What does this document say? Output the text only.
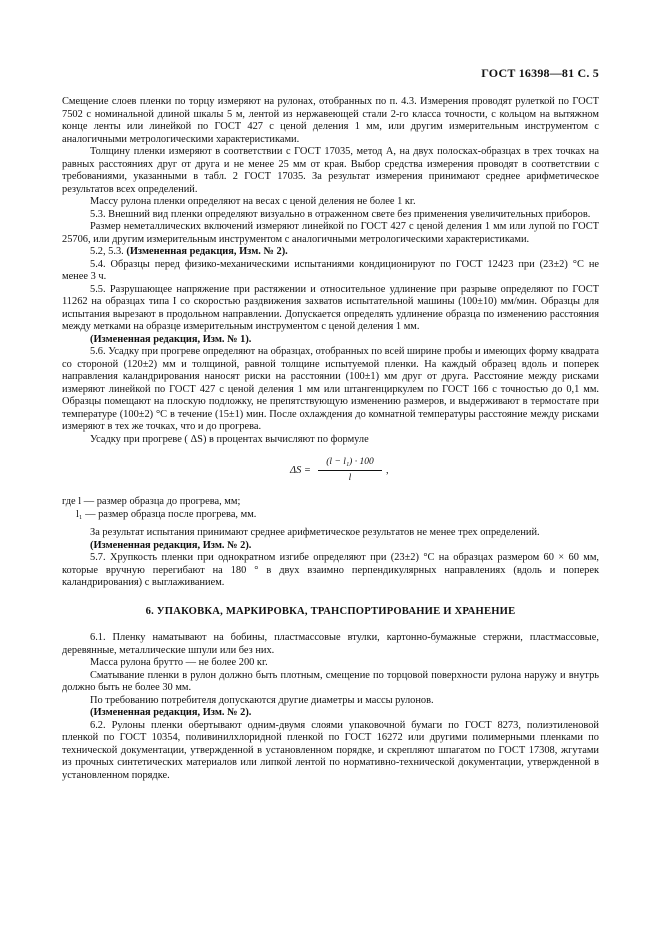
ГОСТ 16398—81 С. 5

Смещение слоев пленки по торцу измеряют на рулонах, отобранных по п. 4.3. Измерения проводят рулеткой по ГОСТ 7502 с номинальной длиной шкалы 5 м, лентой из нержавеющей стали 2-го класса точности, с кольцом на вытяжном конце ленты или линейкой по ГОСТ 427 с ценой деления 1 мм, или другим измерительным инструментом с аналогичными метрологическими характеристиками.

Толщину пленки измеряют в соответствии с ГОСТ 17035, метод А, на двух полосках-образцах в трех точках на равных расстояниях друг от друга и не менее 25 мм от края. Выбор средства измерения проводят в соответствии с требованиями, указанными в табл. 2 ГОСТ 17035. За результат измерения принимают среднее арифметическое результатов всех определений.

Массу рулона пленки определяют на весах с ценой деления не более 1 кг.

5.3. Внешний вид пленки определяют визуально в отраженном свете без применения увеличительных приборов.

Размер неметаллических включений измеряют линейкой по ГОСТ 427 с ценой деления 1 мм или лупой по ГОСТ 25706, или другим измерительным инструментом с аналогичными метрологическими характеристиками.

5.2, 5.3. (Измененная редакция, Изм. № 2).

5.4. Образцы перед физико-механическими испытаниями кондиционируют по ГОСТ 12423 при (23±2) °С не менее 3 ч.

5.5. Разрушающее напряжение при растяжении и относительное удлинение при разрыве определяют по ГОСТ 11262 на образцах типа I со скоростью раздвижения захватов испытательной машины (100±10) мм/мин. Образцы для испытания вырезают в продольном направлении. Допускается определять удлинение образца по изменению расстояния между метками на образце измерительным инструментом с ценой деления 1 мм.

(Измененная редакция, Изм. № 1).

5.6. Усадку при прогреве определяют на образцах, отобранных по всей ширине пробы и имеющих форму квадрата со стороной (120±2) мм и толщиной, равной толщине испытуемой пленки. На каждый образец вдоль и поперек направления каландрирования наносят риски на расстоянии (100±1) мм друг от друга. Расстояние между рисками измеряют линейкой по ГОСТ 427 с ценой деления 1 мм или штангенциркулем по ГОСТ 166 с точностью до 0,1 мм. Образцы помещают на плоскую подложку, не препятствующую изменению размеров, и выдерживают в термостате при температуре (100±2) °С в течение (15±1) мин. После охлаждения до комнатной температуры расстояние между рисками измеряют в тех же точках, что и до прогрева.

Усадку при прогреве ( ΔS) в процентах вычисляют по формуле

$\Delta S = \frac{\text{(l − l₁) · 100}}{l}$ ,

где l — размер образца до прогрева, мм;

l₁ — размер образца после прогрева, мм.

За результат испытания принимают среднее арифметическое результатов не менее трех определений.

(Измененная редакция, Изм. № 2).

5.7. Хрупкость пленки при однократном изгибе определяют при (23±2) °С на образцах размером 60 × 60 мм, которые вручную перегибают на 180 ° в двух взаимно перпендикулярных направлениях (вдоль и поперек каландрирования) с выглаживанием.

6. УПАКОВКА, МАРКИРОВКА, ТРАНСПОРТИРОВАНИЕ И ХРАНЕНИЕ

6.1. Пленку наматывают на бобины, пластмассовые втулки, картонно-бумажные стержни, пластмассовые, деревянные, металлические шпули или без них.

Масса рулона брутто — не более 200 кг.

Сматывание пленки в рулон должно быть плотным, смещение по торцовой поверхности рулона наружу и внутрь должно быть не более 30 мм.

По требованию потребителя допускаются другие диаметры и массы рулонов.

(Измененная редакция, Изм. № 2).

6.2. Рулоны пленки обертывают одним-двумя слоями упаковочной бумаги по ГОСТ 8273, полиэтиленовой пленкой по ГОСТ 10354, поливинилхлоридной пленкой по ГОСТ 16272 или другими полимерными пленками по технической документации, утвержденной в установленном порядке, и скрепляют шпагатом по ГОСТ 17308, жгутами из прочных синтетических материалов или липкой лентой по нормативно-технической документации, утвержденной в установленном порядке.
